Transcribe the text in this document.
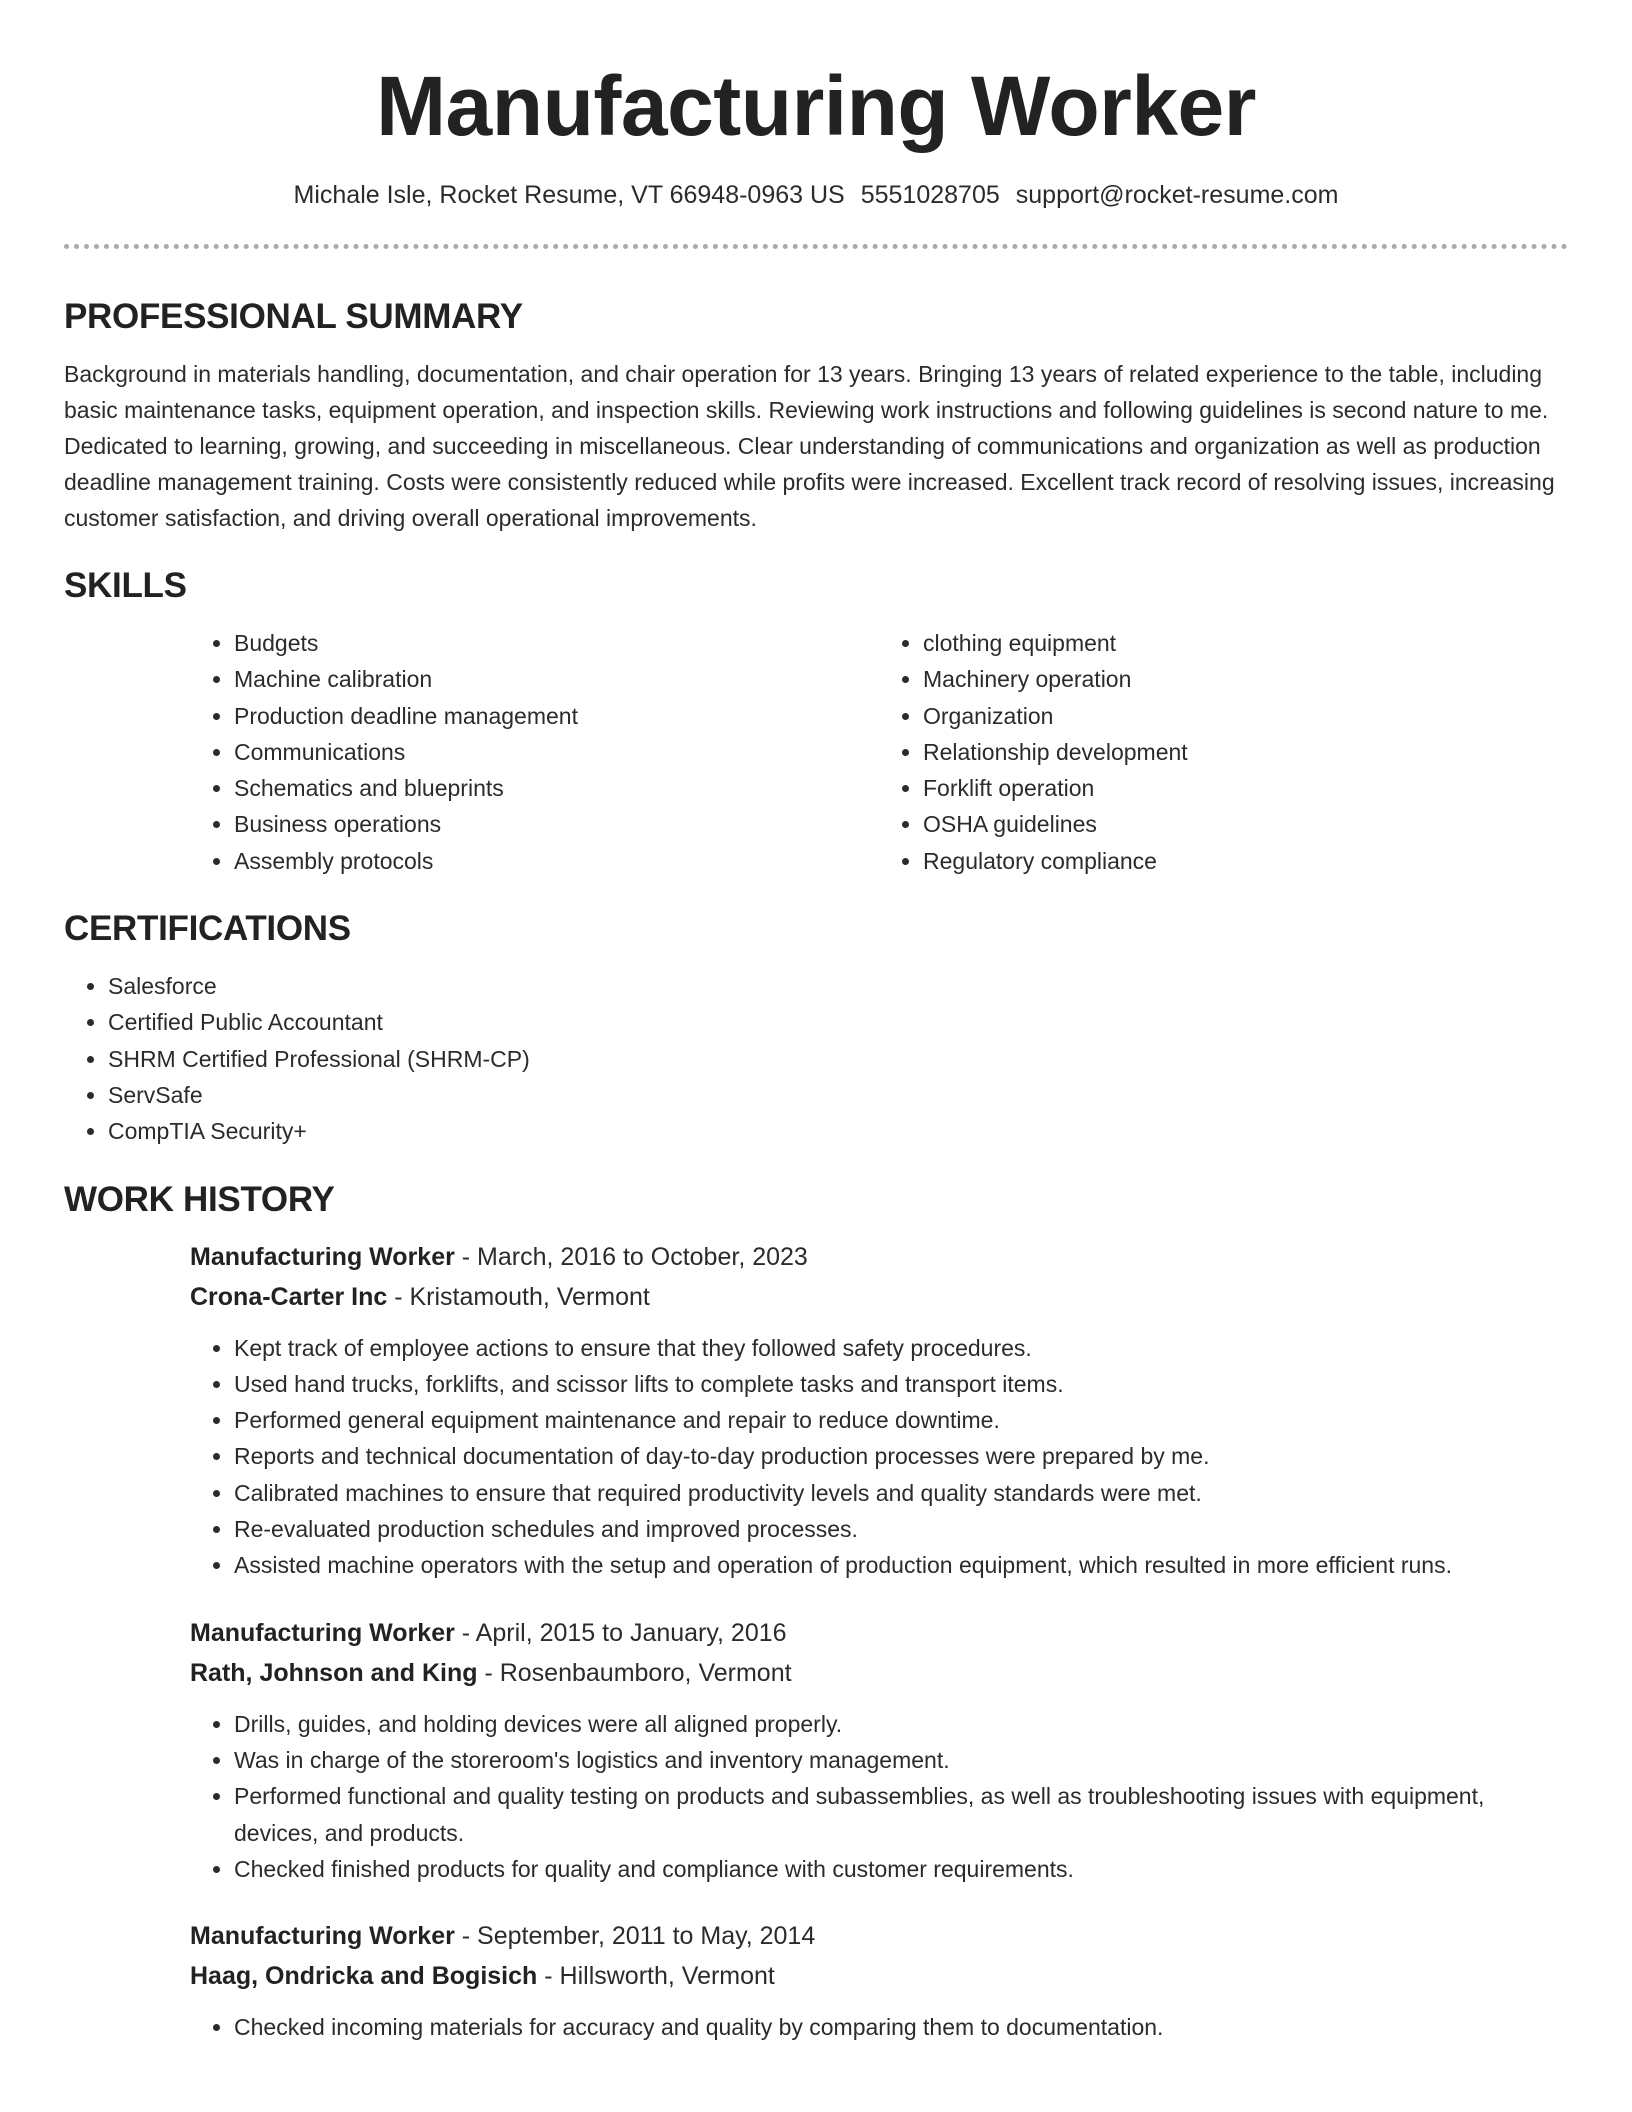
Manufacturing Worker
Michale Isle, Rocket Resume, VT 66948-0963 US 5551028705 support@rocket-resume.com
PROFESSIONAL SUMMARY

Background in materials handling, documentation, and chair operation for 13 years. Bringing 13 years of related experience to the table, including basic maintenance tasks, equipment operation, and inspection skills. Reviewing work instructions and following guidelines is second nature to me. Dedicated to learning, growing, and succeeding in miscellaneous. Clear understanding of communications and organization as well as production deadline management training. Costs were consistently reduced while profits were increased. Excellent track record of resolving issues, increasing customer satisfaction, and driving overall operational improvements.

SKILLS
• Budgets
• Machine calibration
• Production deadline management
• Communications
• Schematics and blueprints
• Business operations
• Assembly protocols
• clothing equipment
• Machinery operation
• Organization
• Relationship development
• Forklift operation
• OSHA guidelines
• Regulatory compliance
CERTIFICATIONS
• Salesforce
• Certified Public Accountant
• SHRM Certified Professional (SHRM-CP)
• ServSafe
• CompTIA Security+
WORK HISTORY

Manufacturing Worker - March, 2016 to October, 2023

Crona-Carter Inc - Kristamouth, Vermont

• Kept track of employee actions to ensure that they followed safety procedures.
• Used hand trucks, forklifts, and scissor lifts to complete tasks and transport items.
• Performed general equipment maintenance and repair to reduce downtime.
• Reports and technical documentation of day-to-day production processes were prepared by me.
• Calibrated machines to ensure that required productivity levels and quality standards were met.
• Re-evaluated production schedules and improved processes.
• Assisted machine operators with the setup and operation of production equipment, which resulted in more efficient runs.

Manufacturing Worker - April, 2015 to January, 2016

Rath, Johnson and King - Rosenbaumboro, Vermont

• Drills, guides, and holding devices were all aligned properly.
• Was in charge of the storeroom's logistics and inventory management.
• Performed functional and quality testing on products and subassemblies, as well as troubleshooting issues with equipment, devices, and products.
• Checked finished products for quality and compliance with customer requirements.

Manufacturing Worker - September, 2011 to May, 2014

Haag, Ondricka and Bogisich - Hillsworth, Vermont

• Checked incoming materials for accuracy and quality by comparing them to documentation.
